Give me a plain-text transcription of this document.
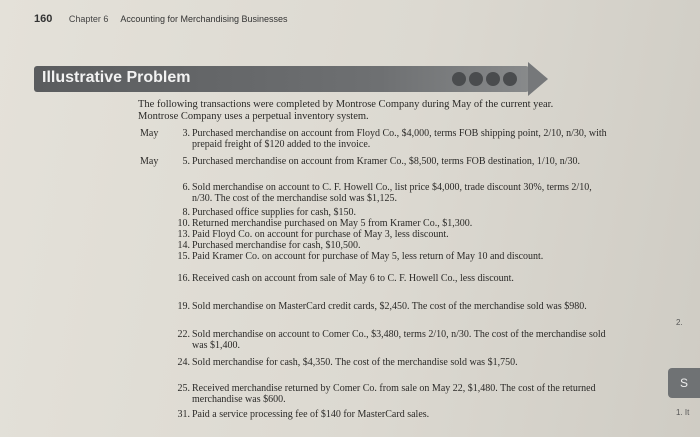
160 Chapter 6 Accounting for Merchandising Businesses
Illustrative Problem
The following transactions were completed by Montrose Company during May of the current year. Montrose Company uses a perpetual inventory system.
May	3. Purchased merchandise on account from Floyd Co., $4,000, terms FOB shipping point, 2/10, n/30, with prepaid freight of $120 added to the invoice.
May	5. Purchased merchandise on account from Kramer Co., $8,500, terms FOB destination, 1/10, n/30.
6. Sold merchandise on account to C. F. Howell Co., list price $4,000, trade discount 30%, terms 2/10, n/30. The cost of the merchandise sold was $1,125.
8. Purchased office supplies for cash, $150.
10. Returned merchandise purchased on May 5 from Kramer Co., $1,300.
13. Paid Floyd Co. on account for purchase of May 3, less discount.
14. Purchased merchandise for cash, $10,500.
15. Paid Kramer Co. on account for purchase of May 5, less return of May 10 and discount.
16. Received cash on account from sale of May 6 to C. F. Howell Co., less discount.
19. Sold merchandise on MasterCard credit cards, $2,450. The cost of the merchandise sold was $980.
22. Sold merchandise on account to Comer Co., $3,480, terms 2/10, n/30. The cost of the merchandise sold was $1,400.
24. Sold merchandise for cash, $4,350. The cost of the merchandise sold was $1,750.
25. Received merchandise returned by Comer Co. from sale on May 22, $1,480. The cost of the returned merchandise was $600.
31. Paid a service processing fee of $140 for MasterCard sales.
2.
S
1. It
